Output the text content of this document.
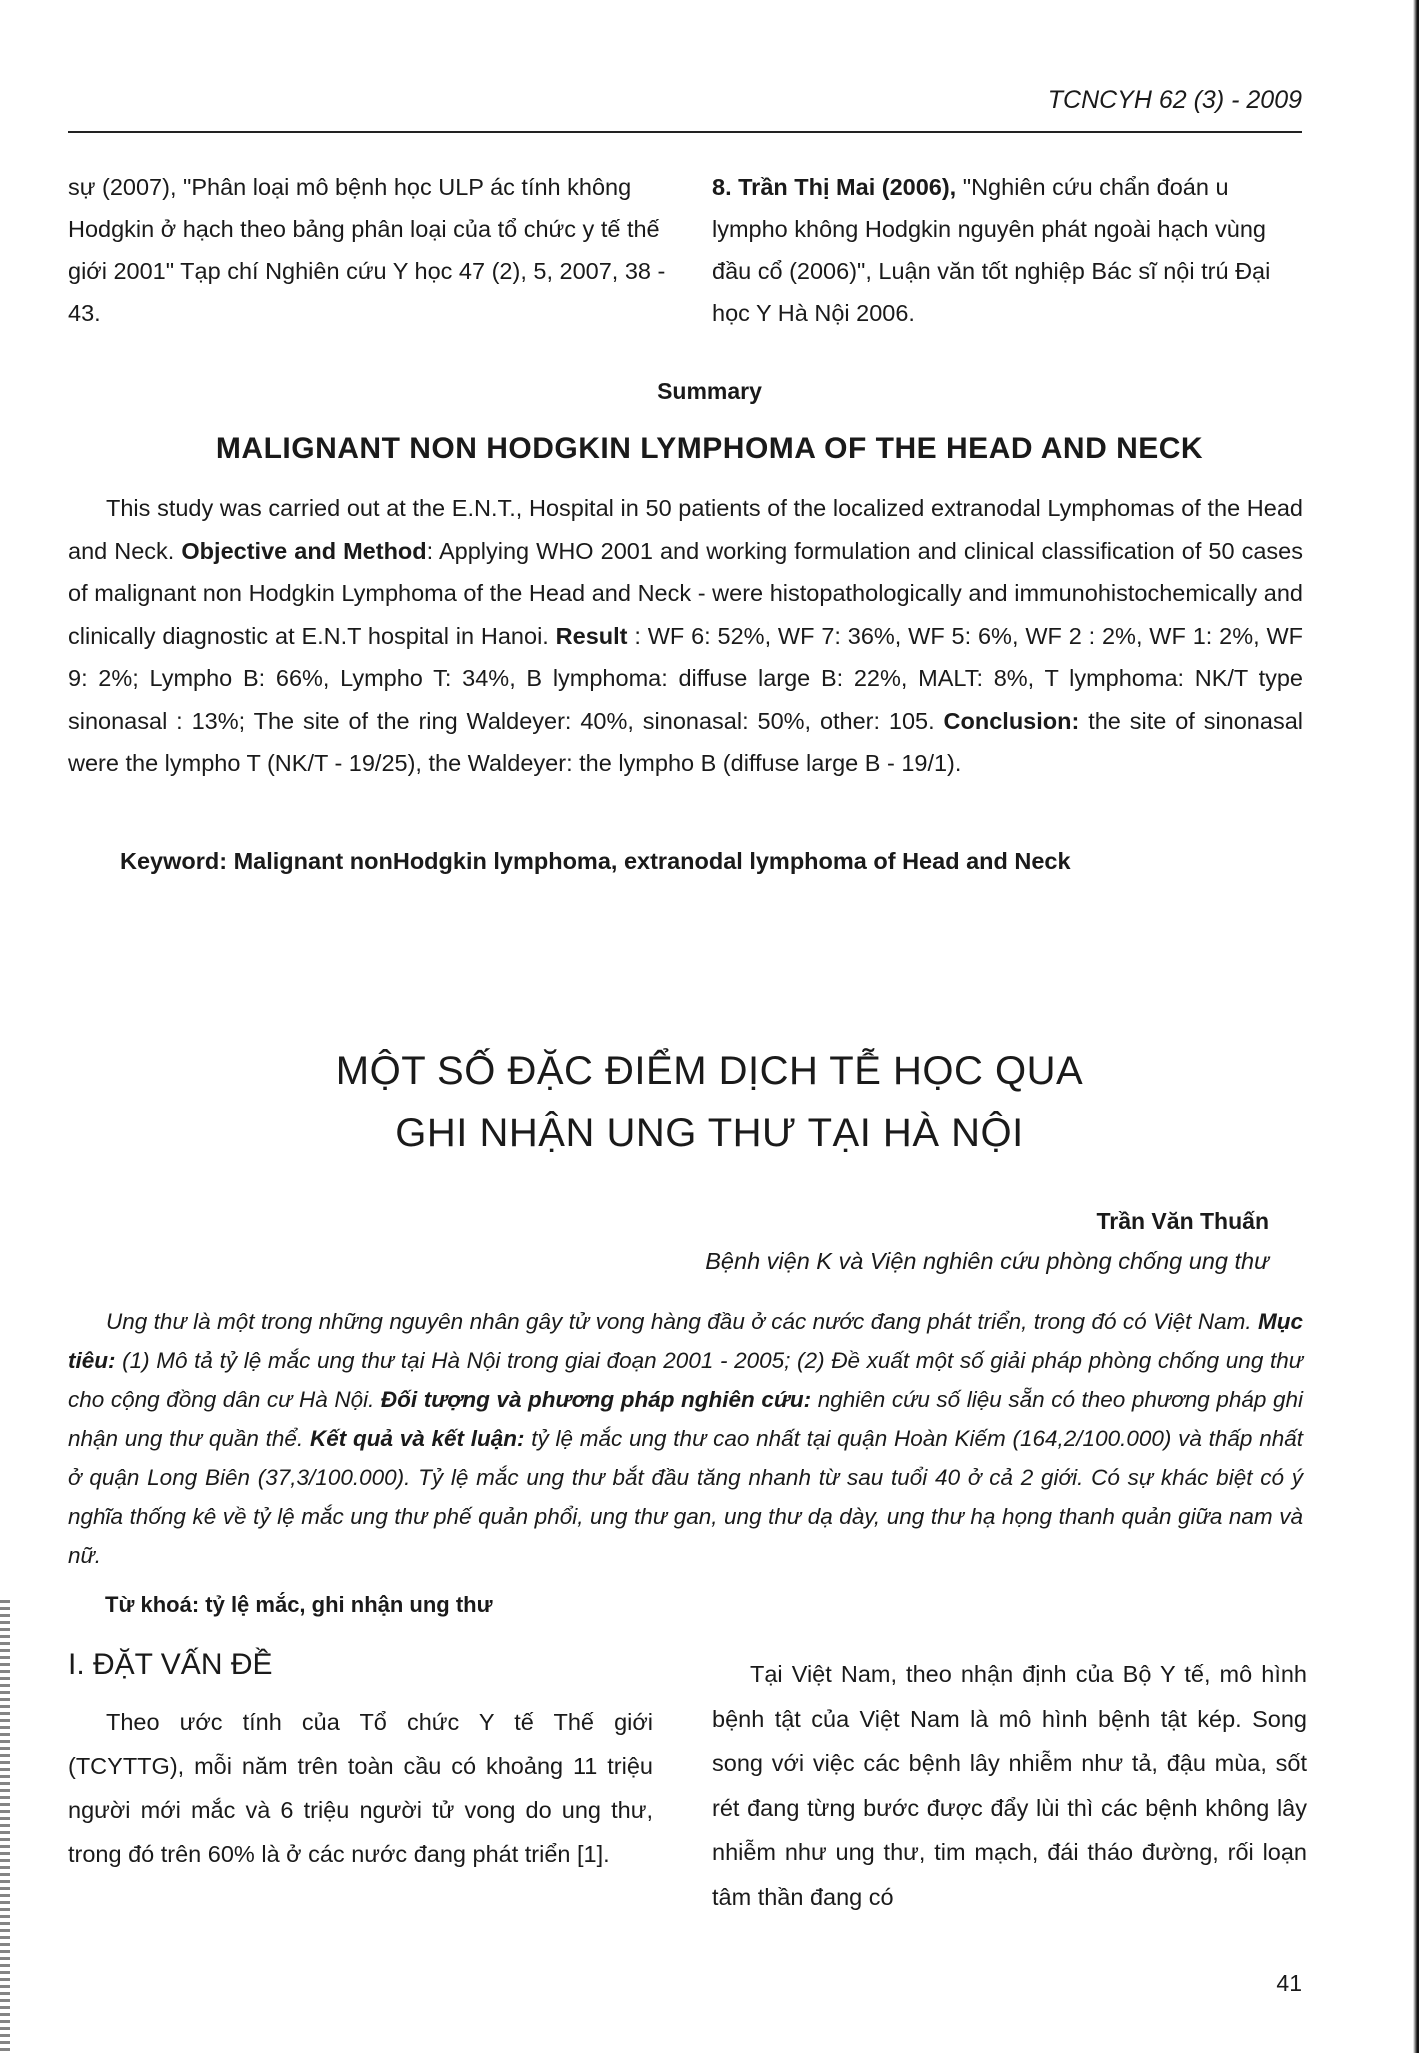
TCNCYH 62 (3) - 2009
sự (2007), "Phân loại mô bệnh học ULP ác tính không Hodgkin ở hạch theo bảng phân loại của tổ chức y tế thế giới 2001" Tạp chí Nghiên cứu Y học 47 (2), 5, 2007, 38 - 43.
8. Trần Thị Mai (2006), "Nghiên cứu chẩn đoán u lympho không Hodgkin nguyên phát ngoài hạch vùng đầu cổ (2006)", Luận văn tốt nghiệp Bác sĩ nội trú Đại học Y Hà Nội 2006.
Summary
MALIGNANT NON HODGKIN LYMPHOMA OF THE HEAD AND NECK
This study was carried out at the E.N.T., Hospital in 50 patients of the localized extranodal Lymphomas of the Head and Neck. Objective and Method: Applying WHO 2001 and working formulation and clinical classification of 50 cases of malignant non Hodgkin Lymphoma of the Head and Neck - were histopathologically and immunohistochemically and clinically diagnostic at E.N.T hospital in Hanoi. Result : WF 6: 52%, WF 7: 36%, WF 5: 6%, WF 2 : 2%, WF 1: 2%, WF 9: 2%; Lympho B: 66%, Lympho T: 34%, B lymphoma: diffuse large B: 22%, MALT: 8%, T lymphoma: NK/T type sinonasal : 13%; The site of the ring Waldeyer: 40%, sinonasal: 50%, other: 105. Conclusion: the site of sinonasal were the lympho T (NK/T - 19/25), the Waldeyer: the lympho B (diffuse large B - 19/1).
Keyword: Malignant nonHodgkin lymphoma, extranodal lymphoma of Head and Neck
MỘT SỐ ĐẶC ĐIỂM DỊCH TỄ HỌC QUA
GHI NHẬN UNG THƯ TẠI HÀ NỘI
Trần Văn Thuấn
Bệnh viện K và Viện nghiên cứu phòng chống ung thư
Ung thư là một trong những nguyên nhân gây tử vong hàng đầu ở các nước đang phát triển, trong đó có Việt Nam. Mục tiêu: (1) Mô tả tỷ lệ mắc ung thư tại Hà Nội trong giai đoạn 2001 - 2005; (2) Đề xuất một số giải pháp phòng chống ung thư cho cộng đồng dân cư Hà Nội. Đối tượng và phương pháp nghiên cứu: nghiên cứu số liệu sẵn có theo phương pháp ghi nhận ung thư quần thể. Kết quả và kết luận: tỷ lệ mắc ung thư cao nhất tại quận Hoàn Kiếm (164,2/100.000) và thấp nhất ở quận Long Biên (37,3/100.000). Tỷ lệ mắc ung thư bắt đầu tăng nhanh từ sau tuổi 40 ở cả 2 giới. Có sự khác biệt có ý nghĩa thống kê về tỷ lệ mắc ung thư phế quản phổi, ung thư gan, ung thư dạ dày, ung thư hạ họng thanh quản giữa nam và nữ.
Từ khoá: tỷ lệ mắc, ghi nhận ung thư
I. ĐẶT VẤN ĐỀ
Theo ước tính của Tổ chức Y tế Thế giới (TCYTTG), mỗi năm trên toàn cầu có khoảng 11 triệu người mới mắc và 6 triệu người tử vong do ung thư, trong đó trên 60% là ở các nước đang phát triển [1].
Tại Việt Nam, theo nhận định của Bộ Y tế, mô hình bệnh tật của Việt Nam là mô hình bệnh tật kép. Song song với việc các bệnh lây nhiễm như tả, đậu mùa, sốt rét đang từng bước được đẩy lùi thì các bệnh không lây nhiễm như ung thư, tim mạch, đái tháo đường, rối loạn tâm thần đang có
41
